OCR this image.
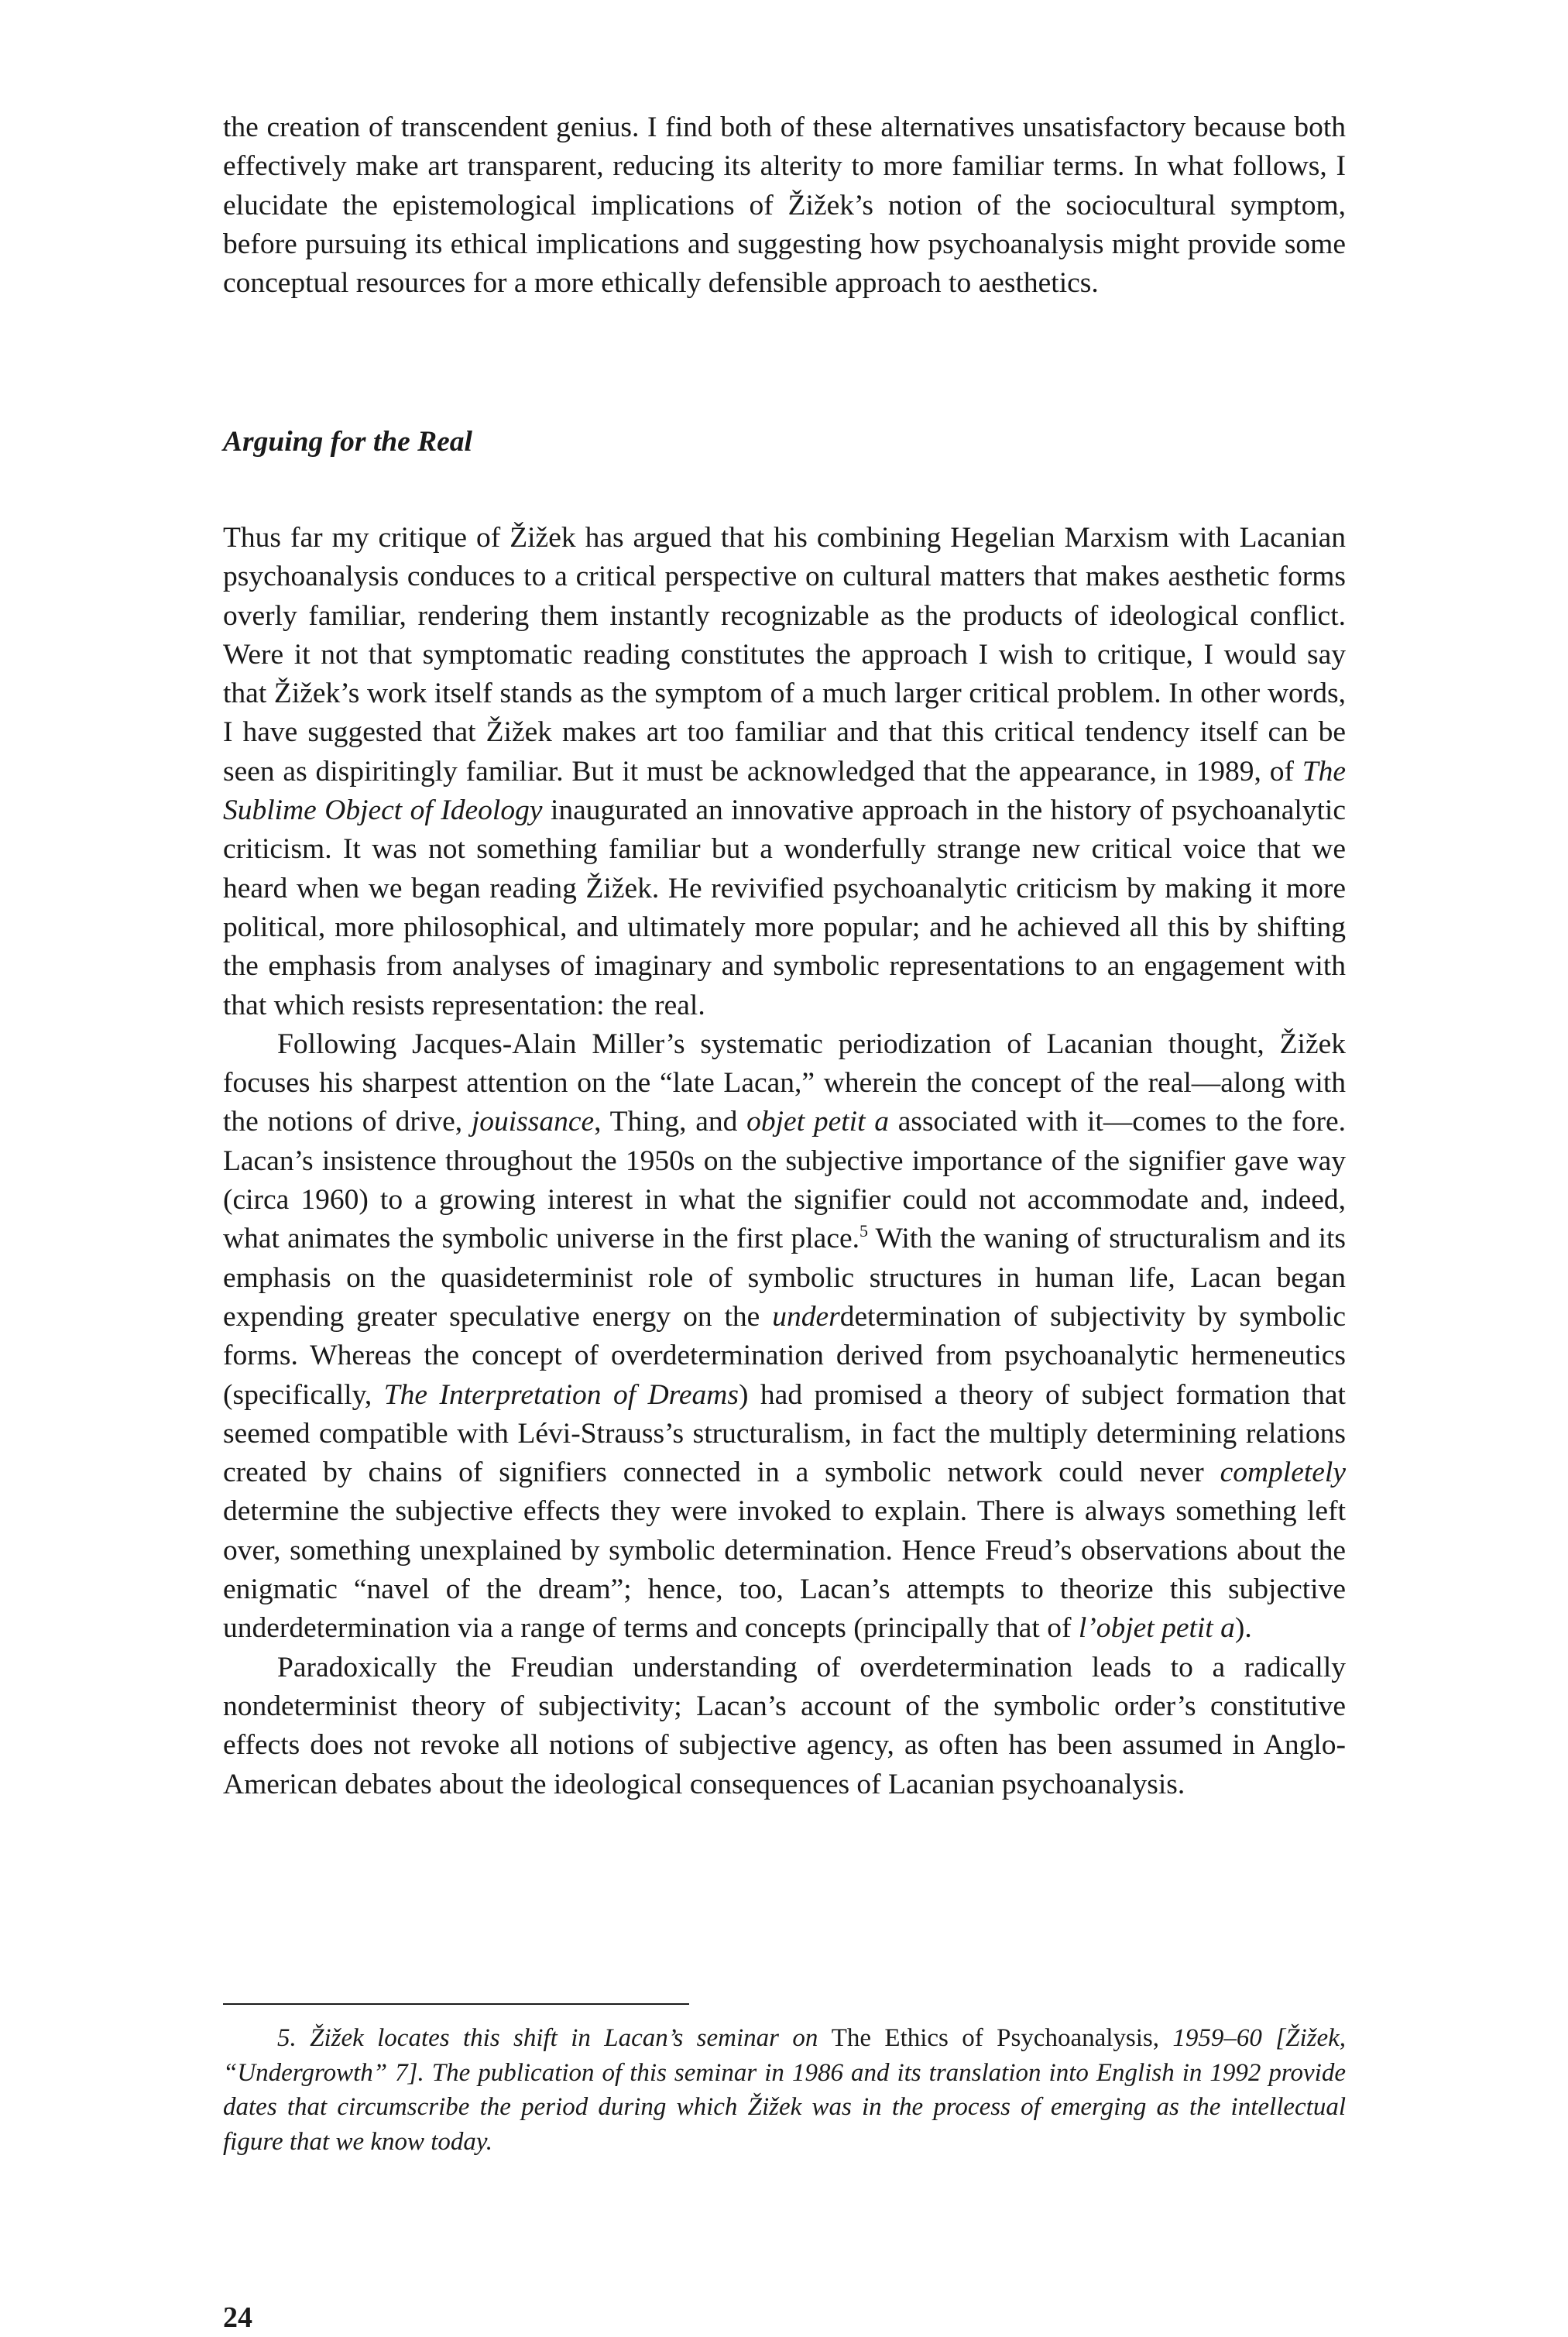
the creation of transcendent genius. I find both of these alternatives unsatisfactory because both effectively make art transparent, reducing its alterity to more familiar terms. In what follows, I elucidate the epistemological implications of Žižek’s notion of the sociocultural symptom, before pursuing its ethical implications and suggesting how psychoanalysis might provide some conceptual resources for a more ethically defensible approach to aesthetics.

Arguing for the Real

Thus far my critique of Žižek has argued that his combining Hegelian Marxism with Lacanian psychoanalysis conduces to a critical perspective on cultural matters that makes aesthetic forms overly familiar, rendering them instantly recognizable as the products of ideological conflict. Were it not that symptomatic reading constitutes the approach I wish to critique, I would say that Žižek’s work itself stands as the symptom of a much larger critical problem. In other words, I have suggested that Žižek makes art too familiar and that this critical tendency itself can be seen as dispiritingly familiar. But it must be acknowledged that the appearance, in 1989, of The Sublime Object of Ideology inaugurated an innovative approach in the history of psychoanalytic criticism. It was not something familiar but a wonderfully strange new critical voice that we heard when we began reading Žižek. He revivified psychoanalytic criticism by making it more political, more philosophical, and ultimately more popular; and he achieved all this by shifting the emphasis from analyses of imaginary and symbolic representations to an engagement with that which resists representation: the real.

Following Jacques-Alain Miller’s systematic periodization of Lacanian thought, Žižek focuses his sharpest attention on the “late Lacan,” wherein the concept of the real—along with the notions of drive, jouissance, Thing, and objet petit a associated with it—comes to the fore. Lacan’s insistence throughout the 1950s on the subjective importance of the signifier gave way (circa 1960) to a growing interest in what the signifier could not accommodate and, indeed, what animates the symbolic universe in the first place.$^5$ With the waning of structuralism and its emphasis on the quasideterminist role of symbolic structures in human life, Lacan began expending greater speculative energy on the underdetermination of subjectivity by symbolic forms. Whereas the concept of overdetermination derived from psychoanalytic hermeneutics (specifically, The Interpretation of Dreams) had promised a theory of subject formation that seemed compatible with Lévi-Strauss’s structuralism, in fact the multiply determining relations created by chains of signifiers connected in a symbolic network could never completely determine the subjective effects they were invoked to explain. There is always something left over, something unexplained by symbolic determination. Hence Freud’s observations about the enigmatic “navel of the dream”; hence, too, Lacan’s attempts to theorize this subjective underdetermination via a range of terms and concepts (principally that of l’objet petit a).

Paradoxically the Freudian understanding of overdetermination leads to a radically nondeterminist theory of subjectivity; Lacan’s account of the symbolic order’s constitutive effects does not revoke all notions of subjective agency, as often has been assumed in Anglo-American debates about the ideological consequences of Lacanian psychoanalysis.

5. Žižek locates this shift in Lacan’s seminar on The Ethics of Psychoanalysis, 1959–60 [Žižek, “Undergrowth” 7]. The publication of this seminar in 1986 and its translation into English in 1992 provide dates that circumscribe the period during which Žižek was in the process of emerging as the intellectual figure that we know today.

24
